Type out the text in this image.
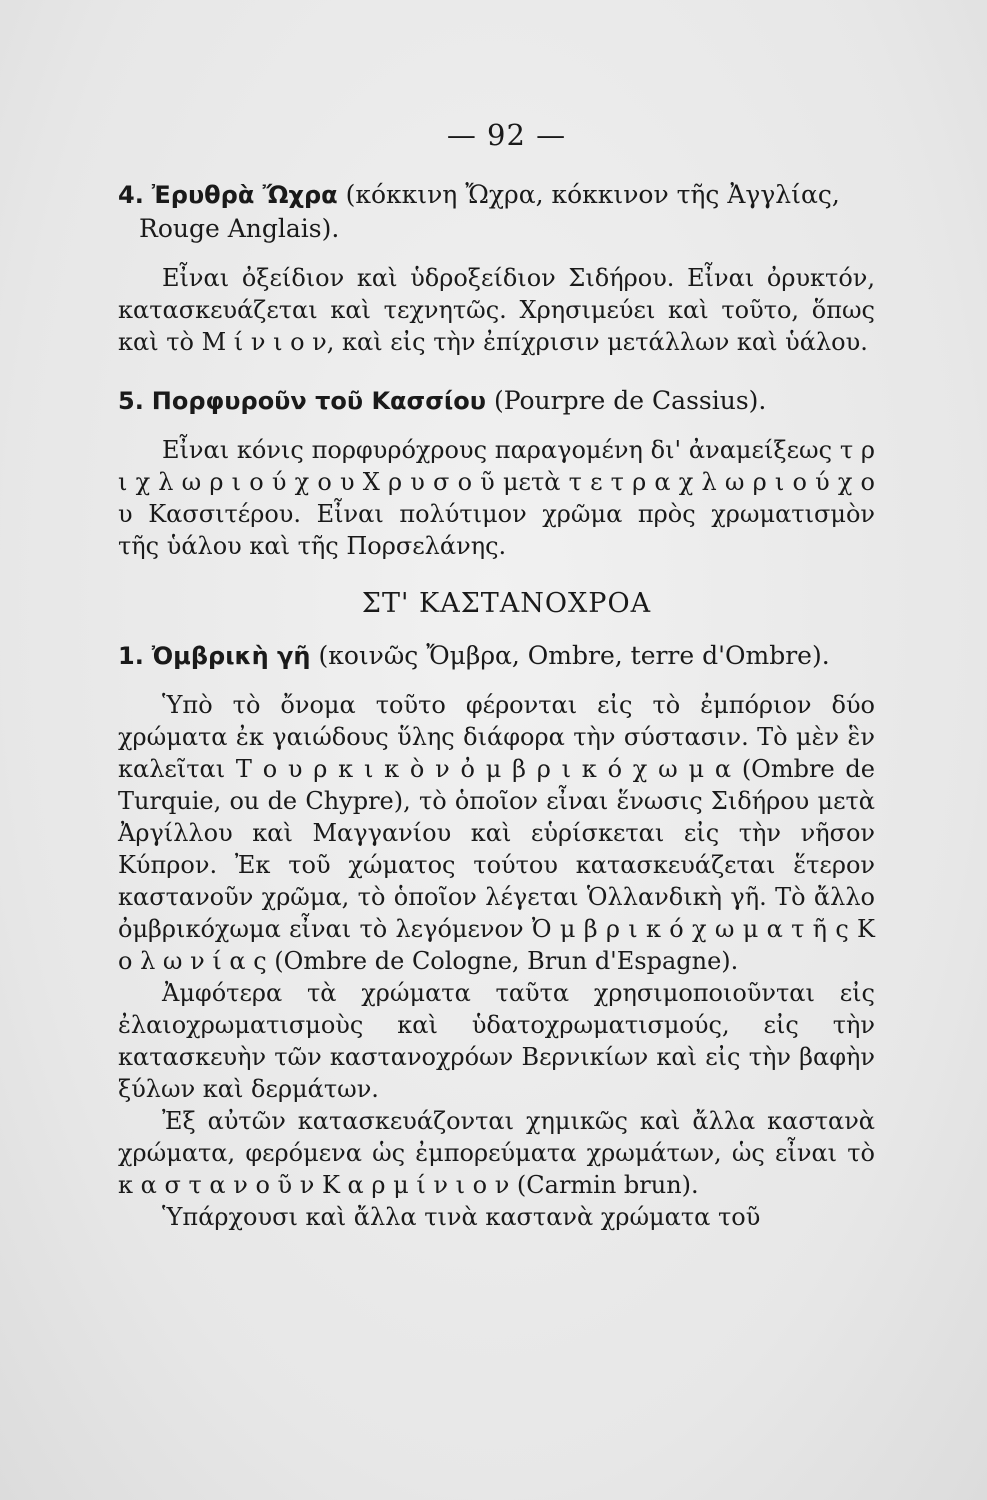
— 92 —

4. Ἐρυθρὰ Ὤχρα (κόκκινη Ὤχρα, κόκκινον τῆς Ἀγγλίας, Rouge Anglais).

Εἶναι ὀξείδιον καὶ ὑδροξείδιον Σιδήρου. Εἶναι ὀρυκτόν, κατασκευάζεται καὶ τεχνητῶς. Χρησιμεύει καὶ τοῦτο, ὅπως καὶ τὸ Μ ί ν ι ο ν, καὶ εἰς τὴν ἐπίχρισιν μετάλλων καὶ ὑάλου.

5. Πορφυροῦν τοῦ Κασσίου (Pourpre de Cassius).

Εἶναι κόνις πορφυρόχρους παραγομένη δι' ἀναμείξεως τ ρ ι χ λ ω ρ ι ο ύ χ ο υ Χ ρ υ σ ο ῦ μετὰ τ ε τ ρ α χ λ ω ρ ι ο ύ χ ο υ Κασσιτέρου. Εἶναι πολύτιμον χρῶμα πρὸς χρωματισμὸν τῆς ὑάλου καὶ τῆς Πορσελάνης.

ΣΤ' ΚΑΣΤΑΝΟΧΡΟΑ

1. Ὀμβρικὴ γῆ (κοινῶς Ὄμβρα, Ombre, terre d'Ombre).

Ὑπὸ τὸ ὄνομα τοῦτο φέρονται εἰς τὸ ἐμπόριον δύο χρώματα ἐκ γαιώδους ὕλης διάφορα τὴν σύστασιν. Τὸ μὲν ἓν καλεῖται Τ ο υ ρ κ ι κ ὸ ν ὀ μ β ρ ι κ ό χ ω μ α (Ombre de Turquie, ou de Chypre), τὸ ὁποῖον εἶναι ἕνωσις Σιδήρου μετὰ Ἀργίλλου καὶ Μαγγανίου καὶ εὑρίσκεται εἰς τὴν νῆσον Κύπρον. Ἐκ τοῦ χώματος τούτου κατασκευάζεται ἕτερον καστανοῦν χρῶμα, τὸ ὁποῖον λέγεται Ὁλλανδικὴ γῆ. Τὸ ἄλλο ὀμβρικόχωμα εἶναι τὸ λεγόμενον Ὀ μ β ρ ι κ ό χ ω μ α τ ῆ ς Κ ο λ ω ν ί α ς (Ombre de Cologne, Brun d'Espagne).

Ἀμφότερα τὰ χρώματα ταῦτα χρησιμοποιοῦνται εἰς ἐλαιοχρωματισμοὺς καὶ ὑδατοχρωματισμούς, εἰς τὴν κατασκευὴν τῶν καστανοχρόων Βερνικίων καὶ εἰς τὴν βαφὴν ξύλων καὶ δερμάτων.

Ἐξ αὐτῶν κατασκευάζονται χημικῶς καὶ ἄλλα καστανὰ χρώματα, φερόμενα ὡς ἐμπορεύματα χρωμάτων, ὡς εἶναι τὸ κ α σ τ α ν ο ῦ ν Κ α ρ μ ί ν ι ο ν (Carmin brun).

Ὑπάρχουσι καὶ ἄλλα τινὰ καστανὰ χρώματα τοῦ
